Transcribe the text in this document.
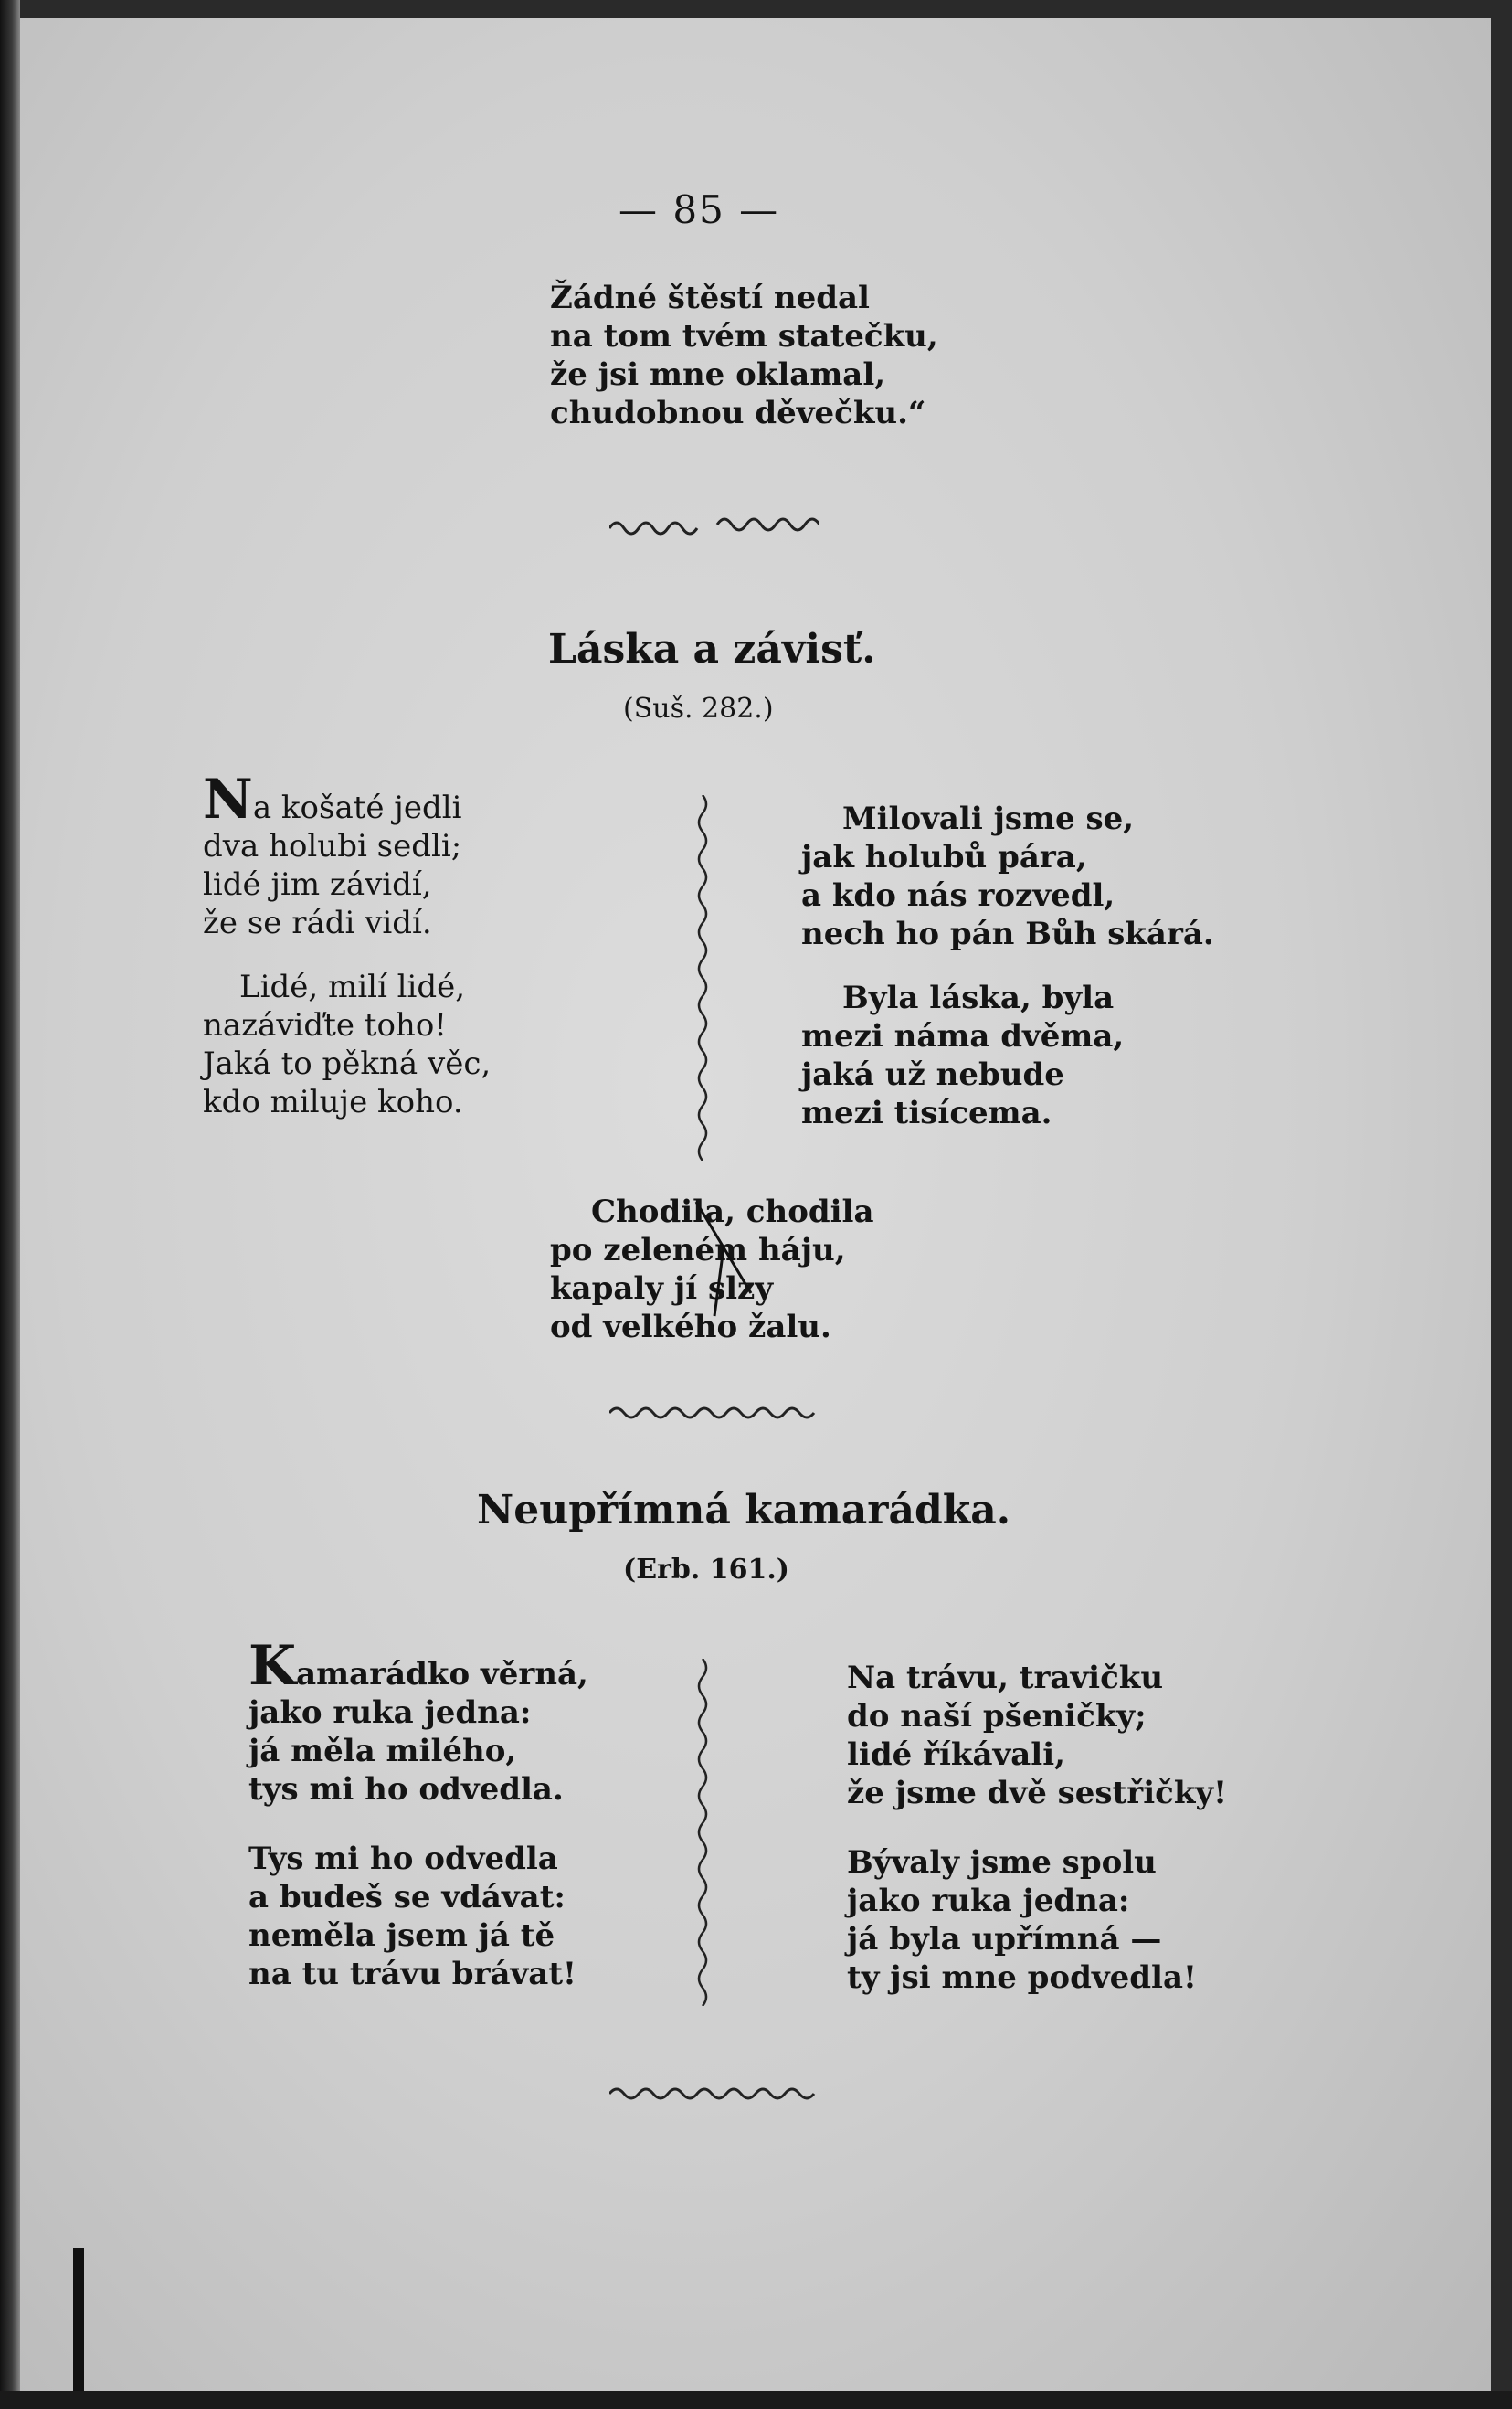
— 85 —
Žádné štěstí nedal
na tom tvém statečku,
že jsi mne oklamal,
chudobnou děvečku.“
Láska a závisť.
(Suš. 282.)
Na košaté jedli
dva holubi sedli;
lidé jim závidí,
že se rádi vidí.
Lidé, milí lidé,
nazáviďte toho!
Jaká to pěkná věc,
kdo miluje koho.
Milovali jsme se,
jak holubů pára,
a kdo nás rozvedl,
nech ho pán Bůh skárá.
Byla láska, byla
mezi náma dvěma,
jaká už nebude
mezi tisícema.
Chodila, chodila
po zeleném háju,
kapaly jí slzy
od velkého žalu.
Neupřímná kamarádka.
(Erb. 161.)
Kamarádko věrná,
jako ruka jedna:
já měla milého,
tys mi ho odvedla.
Tys mi ho odvedla
a budeš se vdávat:
neměla jsem já tě
na tu trávu brávat!
Na trávu, travičku
do naší pšeničky;
lidé říkávali,
že jsme dvě sestřičky!
Bývaly jsme spolu
jako ruka jedna:
já byla upřímná —
ty jsi mne podvedla!
